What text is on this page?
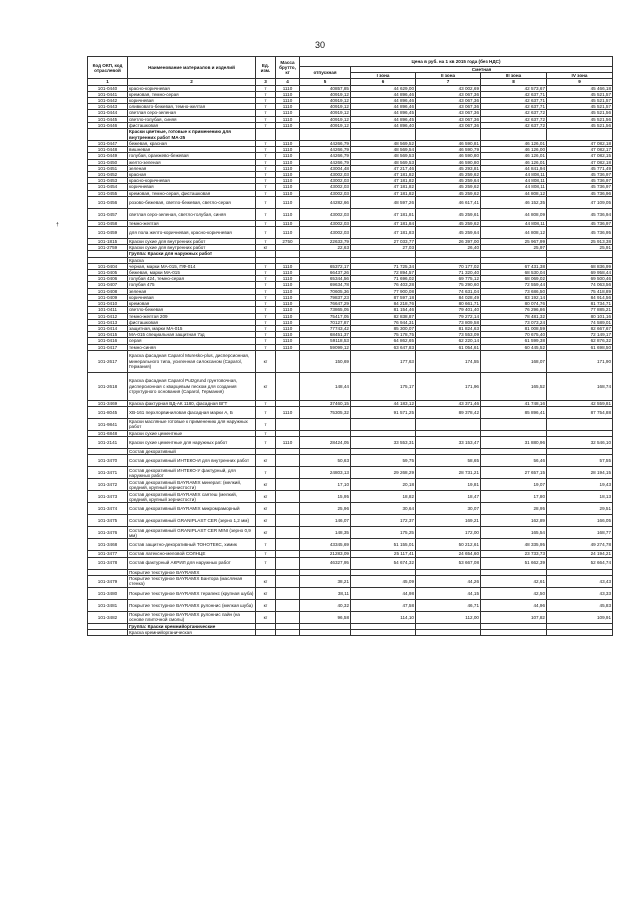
30
†
Код ОКП, код отраслевой	Наименование материалов и изделий	Ед. изм.	Масса брутто, кг	Цена в руб. на 1 кв 2015 года (без НДС)				
				отпускная	Сметная			
					I зона	II зона	III зона	IV зона
1	2	3	4	5	6	7	8	9
101-0440	красно-коричневая	т	1110	40857,85	44 629,00	43 002,69	42 573,67	45 466,18
101-0441	кремовая, темно-серая	т	1110	40919,12	44 896,46	43 067,36	42 637,71	45 521,57
101-0442	коричневая	т	1110	40919,12	44 896,46	43 067,36	42 637,71	45 521,57
101-0443	оливковато-бежевая, темно-желтая	т	1110	40919,12	44 896,46	43 067,36	42 637,71	45 521,57
101-0444	светлая серо-зеленая	т	1110	40919,12	44 896,45	43 067,36	42 637,72	45 521,56
101-0445	светло-голубая, синяя	т	1110	40919,12	44 896,45	43 067,36	42 637,72	45 521,56
101-0446	фисташковая	т	1110	40919,12	44 896,40	43 067,36	42 637,72	45 521,56
	Краски цветные, готовые к применению для внутренних работ МА-25							
101-0447	бежевая, красная	т	1110	44266,79	48 569,52	46 590,81	46 126,01	47 082,18
101-0448	вишневая	т	1110	44266,79	48 569,54	46 590,79	46 126,00	47 082,17
101-0449	голубая, оранжево-бежевая	т	1110	44266,79	48 569,53	46 590,80	46 126,01	47 082,15
101-0450	желто-зеленая	т	1110	44266,79	48 569,53	46 590,80	46 126,01	47 082,18
101-0451	зеленая	т	1110	43004,48	47 217,46	45 293,81	44 841,94	45 771,49
101-0452	красная	т	1110	43002,03	47 181,82	45 259,62	44 808,11	45 736,97
101-0453	красно-коричневая	т	1110	43002,03	47 181,82	45 259,64	44 808,11	45 736,97
101-0454	коричневая	т	1110	43002,03	47 181,82	45 259,62	44 808,11	45 736,97
101-0455	кремовая, темно-серая, фисташковая	т	1110	43002,03	47 181,82	45 259,62	44 808,12	45 736,96
101-0456	розово-бежевая, светло-бежевая, светло-серая	т	1110	44282,66	48 597,26	46 617,41	46 152,35	47 109,05
101-0457	светлая серо-зеленая, светло-голубая, синяя	т	1110	43002,03	47 181,81	45 259,61	44 808,09	45 736,94
101-0458	темно-желтая	т	1110	43002,03	47 181,84	45 259,62	44 808,11	45 736,97
101-0459	для пола желто-коричневая, красно-коричневая	т	1110	43002,03	47 181,83	45 259,64	44 808,12	45 736,95
101-1815	Краски сухие для внутренних работ	т	2750	22633,79	27 033,77	26 397,00	25 967,99	25 913,38
101-2759	Краски сухие для внутренних работ	кг		22,63	27,03	26,40	25,97	25,91
	Группа: Краски для наружных работ							
	Краска							
101-0404	черная, марки МА-015, ПФ-014	т	1110	65372,17	71 725,34	70 177,02	67 431,38	68 836,99
101-0405	бежевая, марки МА-015	т	1110	66437,26	72 894,57	71 320,40	68 530,04	69 958,44
101-0406	голубая 424, темно-серая	т	1110	65344,56	71 696,02	69 775,12	68 069,02	69 500,46
101-0407	голубая 475	т	1110	69634,78	76 403,28	75 290,60	72 559,44	74 063,56
101-0408	зеленая	т	1110	70605,36	77 900,08	74 631,04	73 686,50	75 418,89
101-0409	коричневая	т	1110	79837,23	87 597,18	84 028,49	83 192,14	84 914,56
101-0410	кремовая	т	1110	76647,29	84 218,76	80 661,71	80 074,76	81 734,71
101-0411	светло-бежевая	т	1110	73865,05	81 154,46	79 401,40	76 296,86	77 885,21
101-0412	темно-желтая 209	т	1110	75417,05	82 838,87	79 272,14	78 481,32	80 101,16
101-0413	фисташковая	т	1110	70127,87	76 944,31	73 809,58	73 073,24	74 589,01
101-0414	защитная, марки МА-015	т	1110	77743,42	85 300,07	81 824,63	81 008,59	82 667,67
101-0415	МА-015 специальная защитная 7зд	т	1110	68451,37	75 178,75	73 553,09	70 675,40	72 149,17
101-0416	серая	т	1110	59118,53	64 862,65	62 220,14	61 599,38	62 876,32
101-0417	темно-синяя	т	1110	59099,12	63 647,83	61 054,61	60 445,52	61 698,50
101-2617	Краска фасадная Caparol Muresko-plus, дисперсионная, минерального типа, усиленная силоксаном (Caparol, Германия)	кг		150,69	177,63	174,55	168,07	171,90
101-2618	Краска фасадная Caparol Putzgrund грунтовочная, дисперсионная с кварцевым песком для создания структурного основания (Caparol, Германия)	кг		148,44	175,17	171,96	165,52	168,74
101-3469	Краска фактурная ВД-АК 1180, фасадная ВГТ	т		37460,15	44 183,12	43 371,46	41 748,16	42 559,81
101-8045	ХВ-161 перхлорвиниловая фасадная марки А, Б	т	1110	75305,32	91 571,25	89 378,42	85 896,41	87 754,88
101-9841	Краски масляные готовые к применению для наружных работ	т						
101-6848	Краски сухие цементные	т						
101-2141	Краски сухие цементные для наружных работ	т	1110	28424,05	33 553,31	33 153,47	31 880,96	32 546,10
	Состав декоративный							
101-3470	Состав декоративный ИНТЕКО-И для внутренних работ	кг		50,63	59,75	58,65	56,46	57,55
101-3471	Состав декоративный ИНТЕКО-У фактурный, для наружных работ	т		24803,13	29 268,29	28 731,21	27 657,15	28 194,15
101-3472	Состав декоративный BAYRAMIX минерал: (мелкий, средний, крупный зернистости)	кг		17,10	20,18	19,81	19,07	19,43
101-3473	Состав декоративный BAYRAMIX саятеш (мелкий, средний, крупный зернистости)	кг		15,95	18,82	18,47	17,80	18,13
101-3474	Состав декоративный BAYRAMIX микромраморный	кг		25,96	30,64	30,07	28,95	29,51
101-3475	Состав декоративный GRANIPLAST CER (зерно 1,2 мм)	кг		146,07	172,37	169,21	162,89	166,05
101-3476	Состав декоративный GRANIPLAST CER MINI (зерно 0,9 мм)	кг		148,35	175,25	172,00	165,54	168,77
101-3468	Состав защитно-декоративный ТОНОТЕКС, химик	т		43345,69	51 155,01	50 212,61	48 335,95	49 274,78
101-3477	Состав латексно-меловой СОЛНЦЕ	т		21283,09	25 117,41	24 654,60	23 733,73	24 194,21
101-3478	Состав фактурный АКРИЛ для наружных работ	т		46327,95	54 674,32	53 667,08	51 662,39	52 664,74
	Покрытие текстурное BAYRAMIX							
101-3479	Покрытие текстурное BAYRAMIX Бантора (масляная стенка)	кг		38,21	45,09	44,26	42,61	43,43
101-3480	Покрытие текстурное BAYRAMIX терапекс (крупная шуба)	кг		38,11	44,98	44,15	42,50	43,33
101-3481	Покрытие текстурное BAYRAMIX рулоннис (мелкая шуба)	кг		40,32	47,58	46,71	44,96	45,83
101-3482	Покрытие текстурное BAYRAMIX рулоннис пайн (на основе плиточной смолы)	кг		96,58	114,10	112,00	107,82	109,91
	Группа: Краски кремнийорганические							
	Краска кремнийорганическая							
